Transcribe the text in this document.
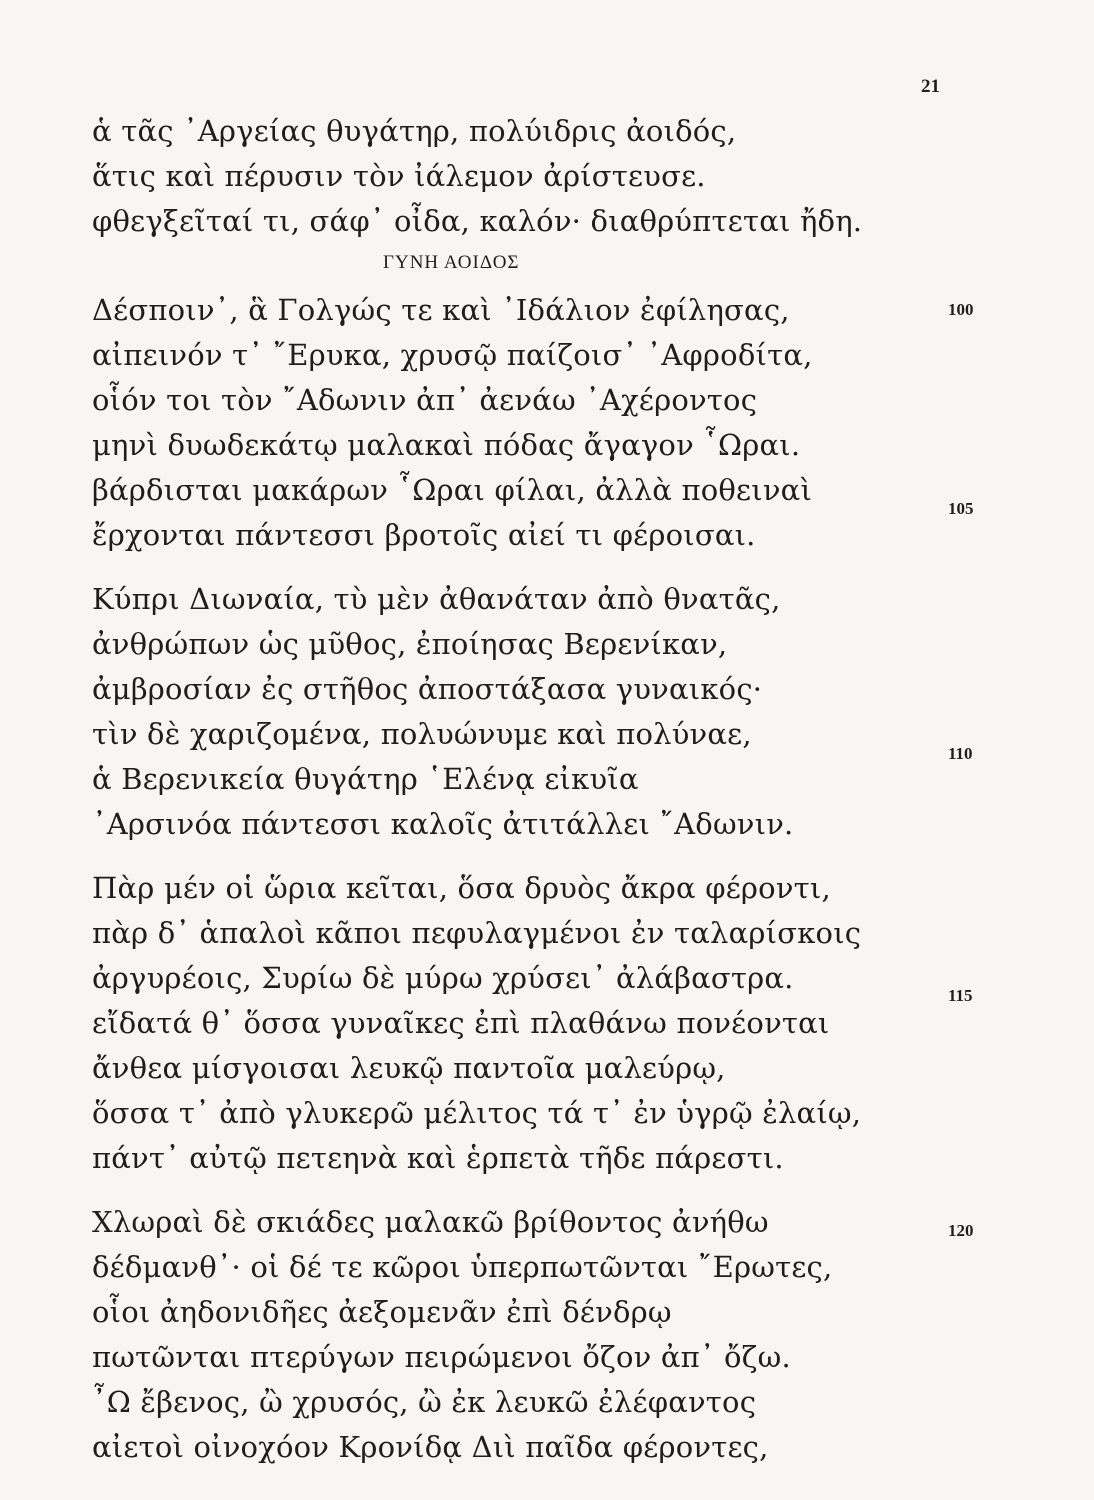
21
ΓΥΝΗ ΑΟΙΔΟΣ
ἁ τᾶς ᾿Αργείας θυγάτηρ, πολύιδρις ἀοιδός,
ἅτις καὶ πέρυσιν τὸν ἰάλεμον ἀρίστευσε.
φθεγξεῖταί τι, σάφ᾿ οἶδα, καλόν· διαθρύπτεται ἤδη.
Δέσποιν᾿, ἃ Γολγώς τε καὶ ᾿Ιδάλιον ἐφίλησας,
αἰπεινόν τ᾿ ῎Ερυκα, χρυσῷ παίζοισ᾿ ᾿Αφροδίτα,
οἷόν τοι τὸν ῎Αδωνιν ἀπ᾿ ἀενάω ᾿Αχέροντος
μηνὶ δυωδεκάτῳ μαλακαὶ πόδας ἄγαγον ῟Ωραι.
βάρδισται μακάρων ῟Ωραι φίλαι, ἀλλὰ ποθειναὶ
ἔρχονται πάντεσσι βροτοῖς αἰεί τι φέροισαι.
Κύπρι Διωναία, τὺ μὲν ἀθανάταν ἀπὸ θνατᾶς,
ἀνθρώπων ὡς μῦθος, ἐποίησας Βερενίκαν,
ἀμβροσίαν ἐς στῆθος ἀποστάξασα γυναικός·
τὶν δὲ χαριζομένα, πολυώνυμε καὶ πολύναε,
ἁ Βερενικεία θυγάτηρ ῾Ελένᾳ εἰκυῖα
᾿Αρσινόα πάντεσσι καλοῖς ἀτιτάλλει ῎Αδωνιν.
Πὰρ μέν οἱ ὥρια κεῖται, ὅσα δρυὸς ἄκρα φέροντι,
πὰρ δ᾿ ἁπαλοὶ κᾶποι πεφυλαγμένοι ἐν ταλαρίσκοις
ἀργυρέοις, Συρίω δὲ μύρω χρύσει᾿ ἀλάβαστρα.
εἴδατά θ᾿ ὅσσα γυναῖκες ἐπὶ πλαθάνω πονέονται
ἄνθεα μίσγοισαι λευκῷ παντοῖα μαλεύρῳ,
ὅσσα τ᾿ ἀπὸ γλυκερῶ μέλιτος τά τ᾿ ἐν ὑγρῷ ἐλαίῳ,
πάντ᾿ αὐτῷ πετεηνὰ καὶ ἑρπετὰ τῆδε πάρεστι.
Χλωραὶ δὲ σκιάδες μαλακῶ βρίθοντος ἀνήθω
δέδμανθ᾿· οἱ δέ τε κῶροι ὑπερπωτῶνται ῎Ερωτες,
οἷοι ἀηδονιδῆες ἀεξομενᾶν ἐπὶ δένδρῳ
πωτῶνται πτερύγων πειρώμενοι ὄζον ἀπ᾿ ὄζω.
῏Ω ἔβενος, ὢ χρυσός, ὢ ἐκ λευκῶ ἐλέφαντος
αἰετοὶ οἰνοχόον Κρονίδᾳ Διὶ παῖδα φέροντες,
100
105
110
115
120
